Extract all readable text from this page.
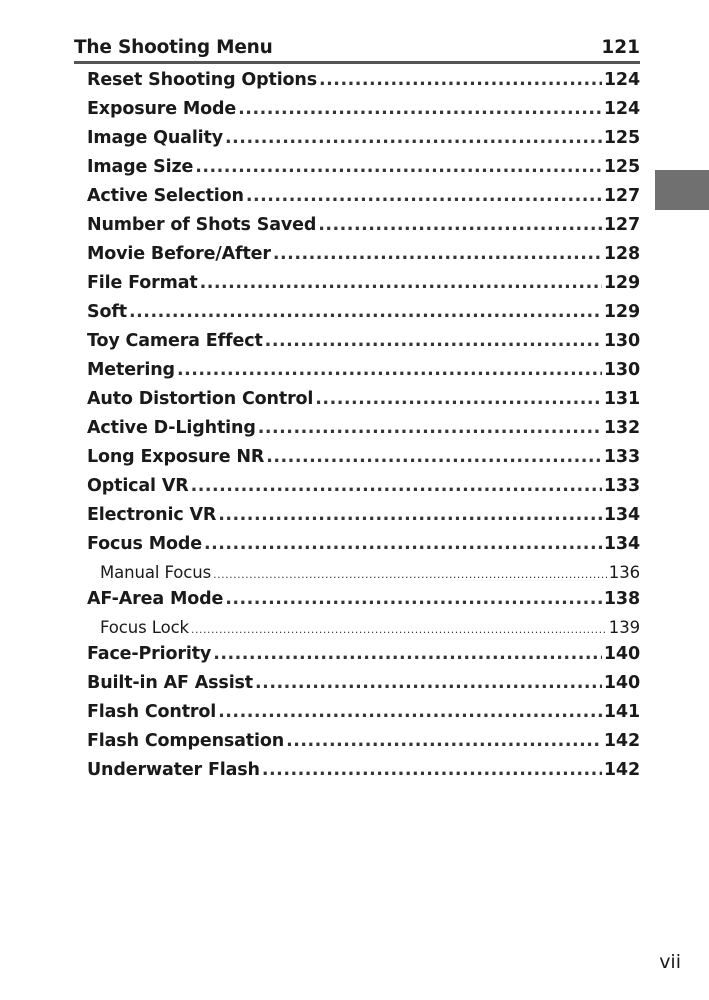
The Shooting Menu	121
Reset Shooting Options .....	124
Exposure Mode .....	124
Image Quality .....	125
Image Size .....	125
Active Selection .....	127
Number of Shots Saved .....	127
Movie Before/After .....	128
File Format .....	129
Soft .....	129
Toy Camera Effect .....	130
Metering .....	130
Auto Distortion Control .....	131
Active D-Lighting .....	132
Long Exposure NR .....	133
Optical VR .....	133
Electronic VR .....	134
Focus Mode .....	134
Manual Focus .....	136
AF-Area Mode .....	138
Focus Lock .....	139
Face-Priority .....	140
Built-in AF Assist .....	140
Flash Control .....	141
Flash Compensation .....	142
Underwater Flash .....	142
vii
